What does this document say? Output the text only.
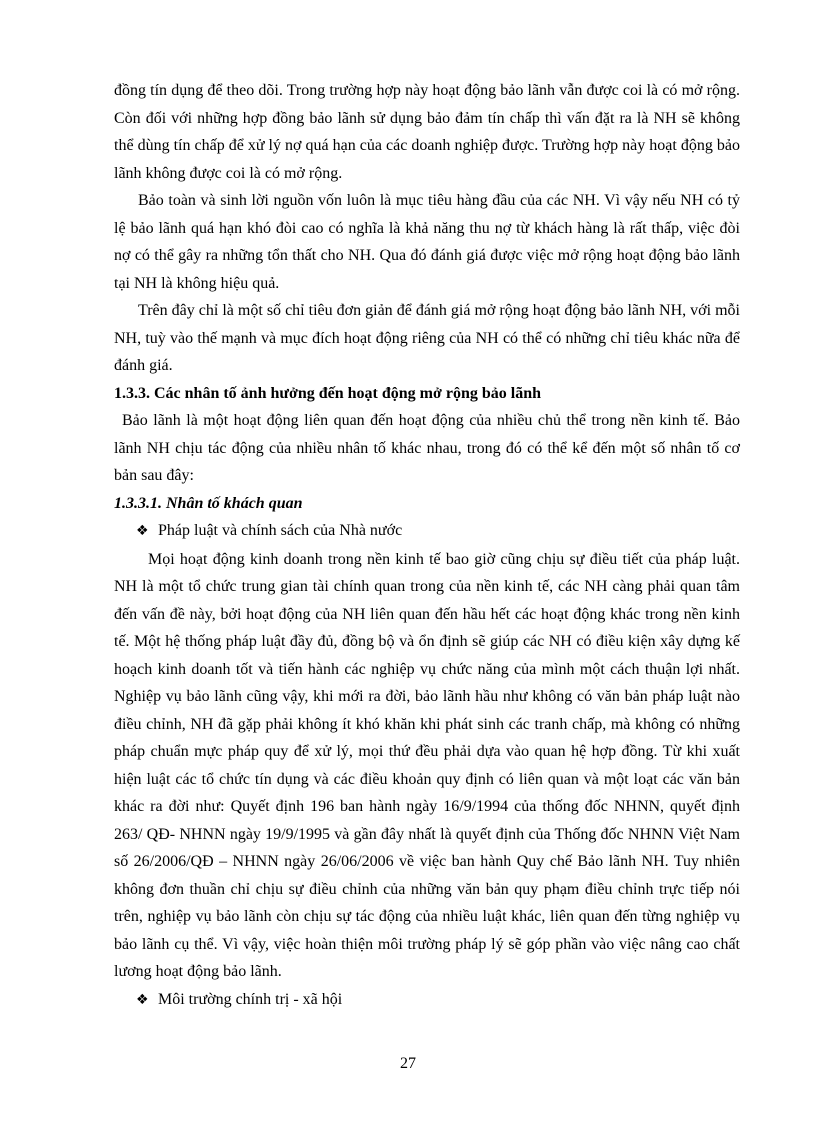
đồng tín dụng để theo dõi. Trong trường hợp này hoạt động bảo lãnh vẫn được coi là có mở rộng. Còn đối với những hợp đồng bảo lãnh sử dụng bảo đảm tín chấp thì vấn đặt ra là NH sẽ không thể dùng tín chấp để xử lý nợ quá hạn của các doanh nghiệp được. Trường hợp này hoạt động bảo lãnh không được coi là có mở rộng.

Bảo toàn và sinh lời nguồn vốn luôn là mục tiêu hàng đầu của các NH. Vì vậy nếu NH có tỷ lệ bảo lãnh quá hạn khó đòi cao có nghĩa là khả năng thu nợ từ khách hàng là rất thấp, việc đòi nợ có thể gây ra những tổn thất cho NH. Qua đó đánh giá được việc mở rộng hoạt động bảo lãnh tại NH là không hiệu quả.

Trên đây chỉ là một số chỉ tiêu đơn giản để đánh giá mở rộng hoạt động bảo lãnh NH, với mỗi NH, tuỳ vào thế mạnh và mục đích hoạt động riêng của NH có thể có những chỉ tiêu khác nữa để đánh giá.

1.3.3. Các nhân tố ảnh hưởng đến hoạt động mở rộng bảo lãnh

Bảo lãnh là một hoạt động liên quan đến hoạt động của nhiều chủ thể trong nền kinh tế. Bảo lãnh NH chịu tác động của nhiều nhân tố khác nhau, trong đó có thể kể đến một số nhân tố cơ bản sau đây:

1.3.3.1. Nhân tố khách quan
❖ Pháp luật và chính sách của Nhà nước

Mọi hoạt động kinh doanh trong nền kinh tế bao giờ cũng chịu sự điều tiết của pháp luật. NH là một tổ chức trung gian tài chính quan trong của nền kinh tế, các NH càng phải quan tâm đến vấn đề này, bởi hoạt động của NH liên quan đến hầu hết các hoạt động khác trong nền kinh tế. Một hệ thống pháp luật đầy đủ, đồng bộ và ổn định sẽ giúp các NH có điều kiện xây dựng kế hoạch kinh doanh tốt và tiến hành các nghiệp vụ chức năng của mình một cách thuận lợi nhất. Nghiệp vụ bảo lãnh cũng vậy, khi mới ra đời, bảo lãnh hầu như không có văn bản pháp luật nào điều chỉnh, NH đã gặp phải không ít khó khăn khi phát sinh các tranh chấp, mà không có những pháp chuẩn mực pháp quy để xử lý, mọi thứ đều phải dựa vào quan hệ hợp đồng. Từ khi xuất hiện luật các tổ chức tín dụng và các điều khoản quy định có liên quan và một loạt các văn bản khác ra đời như: Quyết định 196 ban hành ngày 16/9/1994 của thống đốc NHNN, quyết định 263/ QĐ- NHNN ngày 19/9/1995 và gần đây nhất là quyết định của Thống đốc NHNN Việt Nam số 26/2006/QĐ – NHNN ngày 26/06/2006 về việc ban hành Quy chế Bảo lãnh NH. Tuy nhiên không đơn thuần chỉ chịu sự điều chỉnh của những văn bản quy phạm điều chỉnh trực tiếp nói trên, nghiệp vụ bảo lãnh còn chịu sự tác động của nhiều luật khác, liên quan đến từng nghiệp vụ bảo lãnh cụ thể. Vì vậy, việc hoàn thiện môi trường pháp lý sẽ góp phần vào việc nâng cao chất lương hoạt động bảo lãnh.

❖ Môi trường chính trị - xã hội
27
